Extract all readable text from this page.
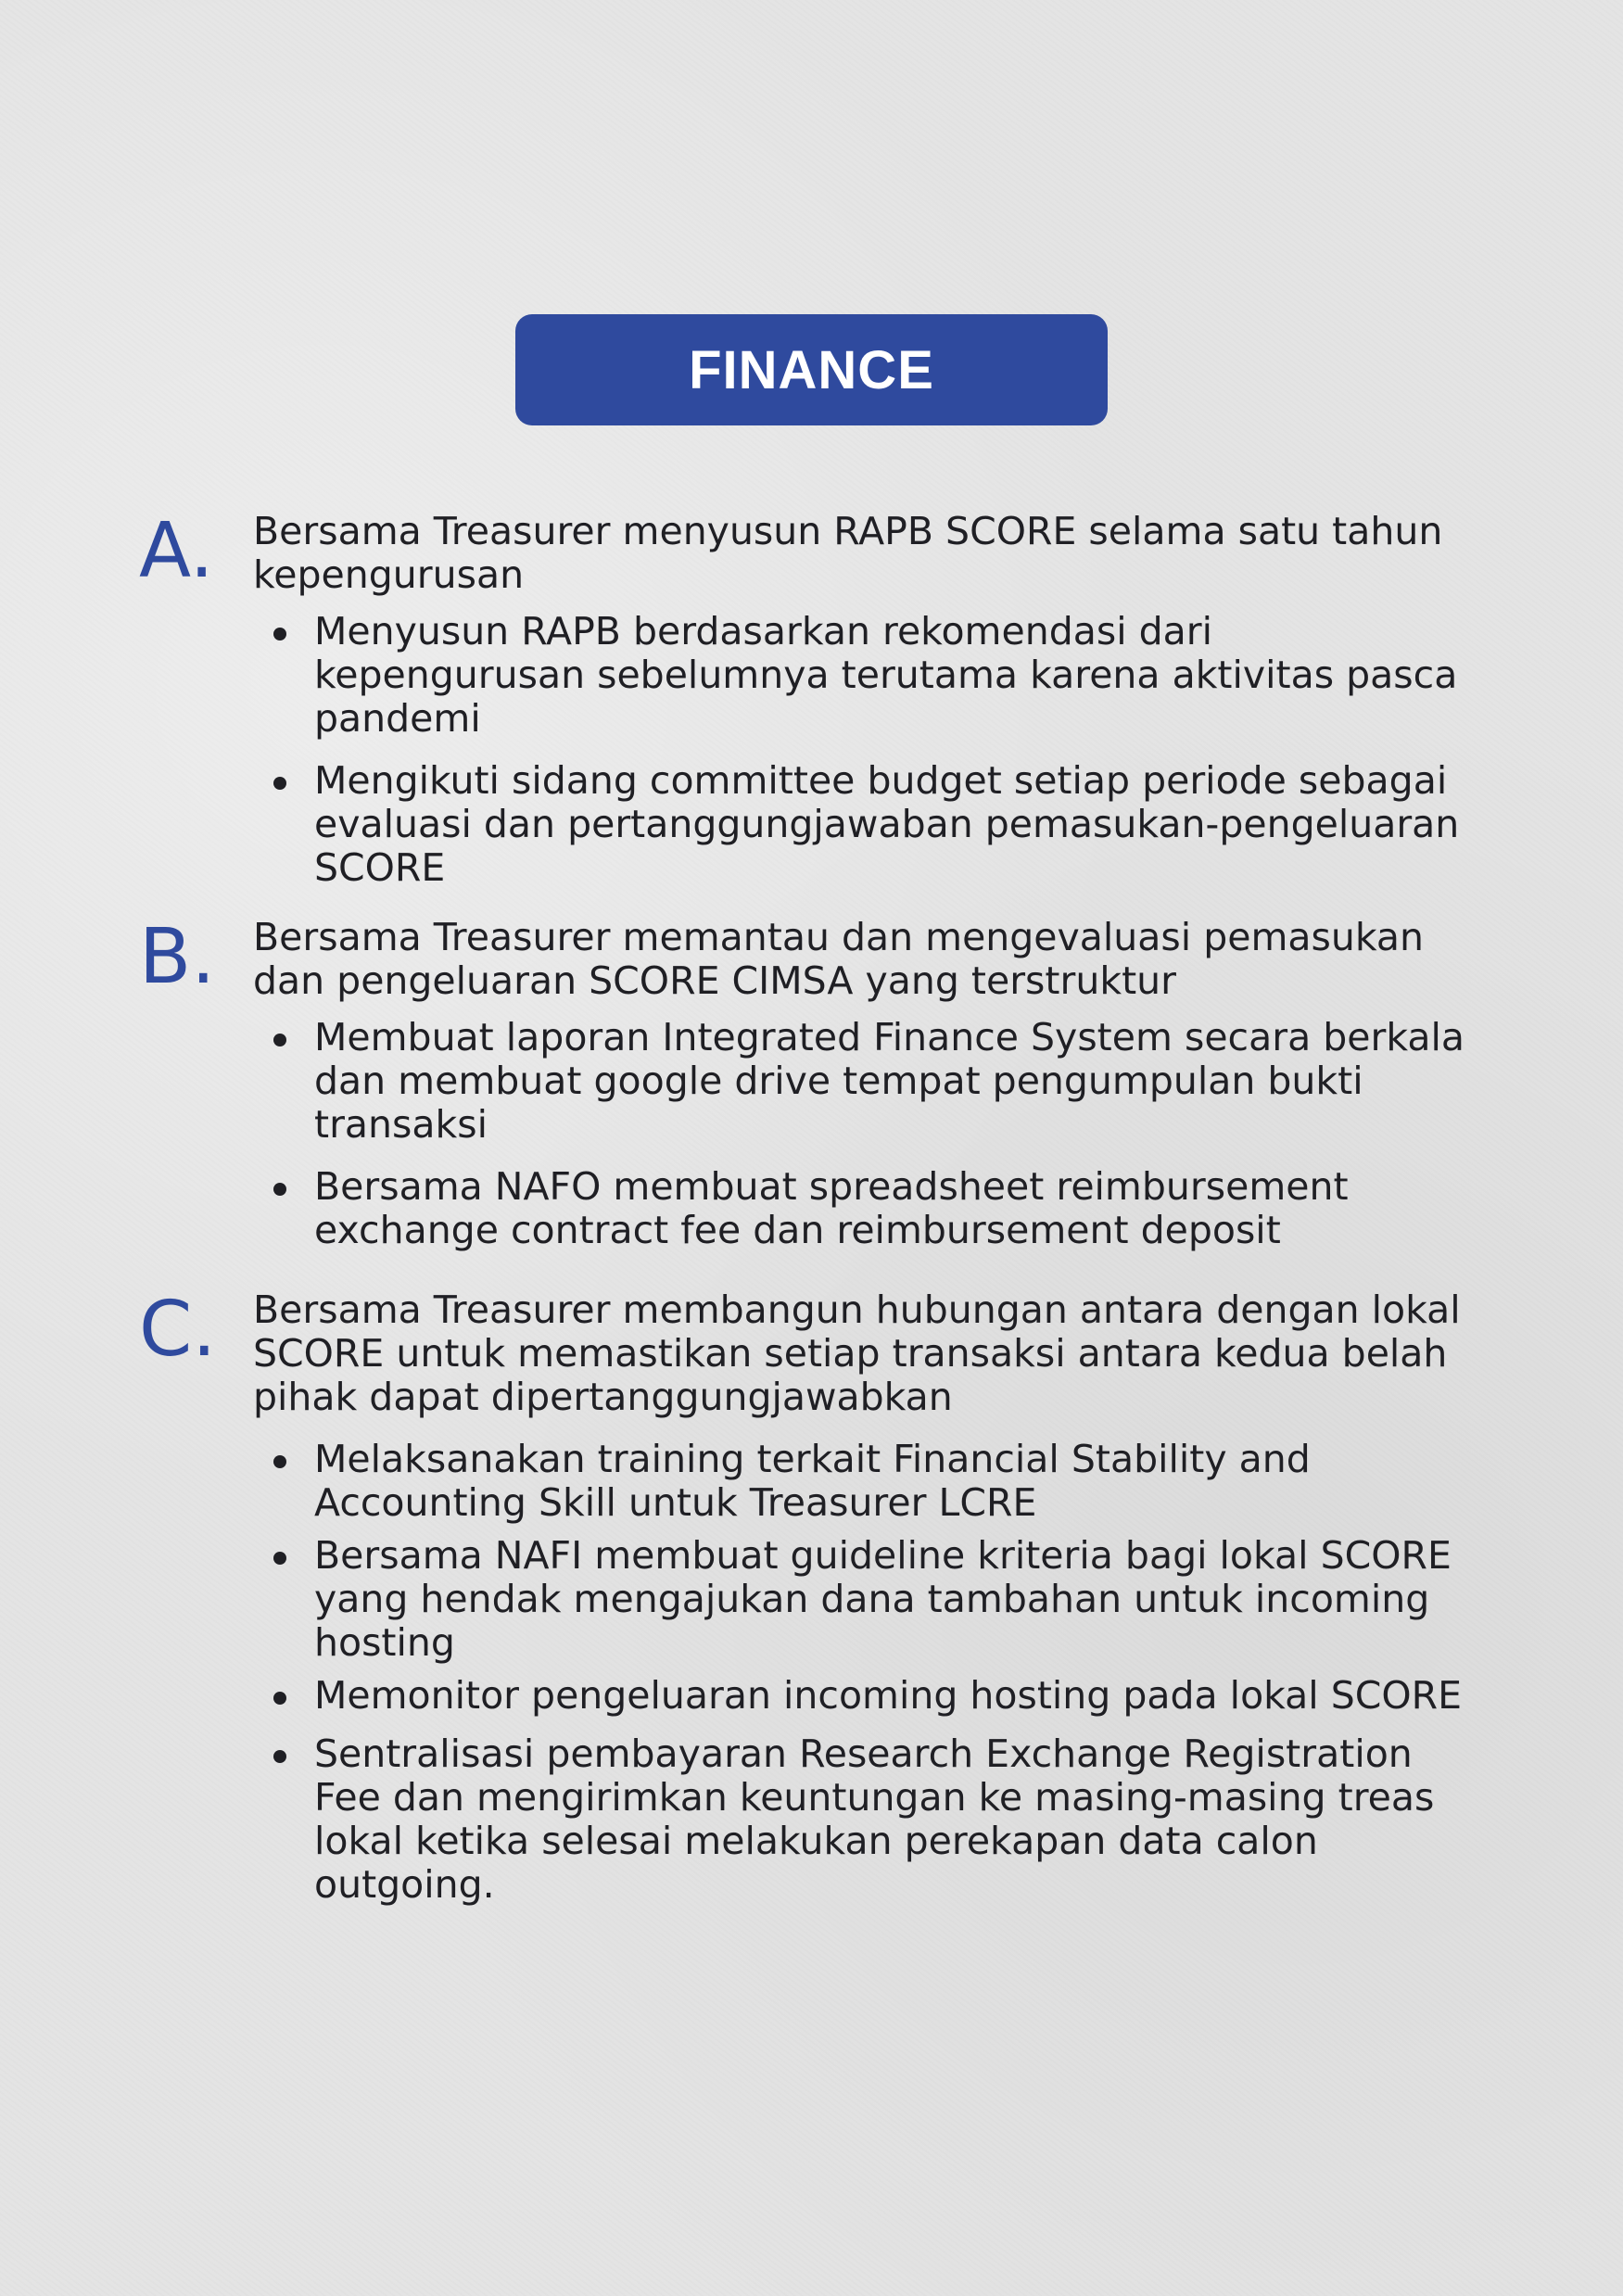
FINANCE
A. Bersama Treasurer menyusun RAPB SCORE selama satu tahun kepengurusan
Menyusun RAPB berdasarkan rekomendasi dari kepengurusan sebelumnya terutama karena aktivitas pasca pandemi
Mengikuti sidang committee budget setiap periode sebagai evaluasi dan pertanggungjawaban pemasukan-pengeluaran SCORE
B. Bersama Treasurer memantau dan mengevaluasi pemasukan dan pengeluaran SCORE CIMSA yang terstruktur
Membuat laporan Integrated Finance System secara berkala dan membuat google drive tempat pengumpulan bukti transaksi
Bersama NAFO membuat spreadsheet reimbursement exchange contract fee dan reimbursement deposit
C. Bersama Treasurer membangun hubungan antara dengan lokal SCORE untuk memastikan setiap transaksi antara kedua belah pihak dapat dipertanggungjawabkan
Melaksanakan training terkait Financial Stability and Accounting Skill untuk Treasurer LCRE
Bersama NAFI membuat guideline kriteria bagi lokal SCORE yang hendak mengajukan dana tambahan untuk incoming hosting
Memonitor pengeluaran incoming hosting pada lokal SCORE
Sentralisasi pembayaran Research Exchange Registration Fee dan mengirimkan keuntungan ke masing-masing treas lokal ketika selesai melakukan perekapan data calon outgoing.
